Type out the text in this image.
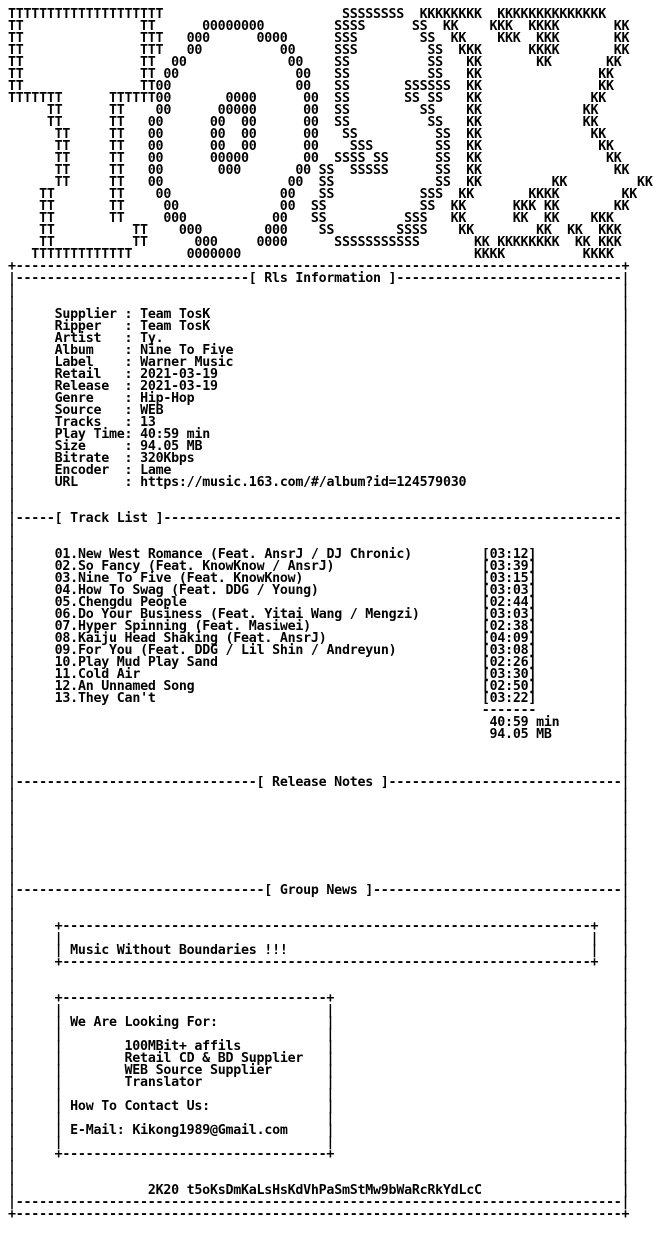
TTTTTTTTTTTTTTTTTTTT                       SSSSSSSS  KKKKKKKK  KKKKKKKKKKKKKK
TT               TT      00000000         SSSS      SS  KK    KKK  KKKK       KK
TT               TTT   000      0000      SSS        SS  KK    KKK  KKK       KK
TT               TTT   00          00     SSS         SS  KKK      KKKK       KK
TT               TT  00             00    SS          SS   KK       KK       KK
TT               TT 00               00   SS          SS   KK               KK
TT               TT00                00   SS       SSSSSS  KK               KK
TTTTTTT      TTTTTT00       0000      00  SS       SS SS   KK              KK
TT      TT    00      00000      00  SS         SS    KK             KK
TT      TT   00      00  00      00  SS          SS   KK             KK
TT     TT   00      00  00      00   SS          SS  KK              KK
TT     TT   00      00  00      00    SSS        SS  KK               KK
TT     TT   00      00000       00  SSSS SS      SS  KK                KK
TT     TT   00       000       00 SS  SSSSS      SS  KK                 KK
TT     TT   00                00  SS             SS  KK         KK         KK
TT       TT    00              00   SS           SSS  KK       KKKK        KK
TT       TT     00             00  SS            SS  KK      KKK KK       KK
TT       TT     000           00   SS          SSS   KK      KK  KK    KKK
TT          TT    000        000    SS        SSSS    KK        KK  KK  KKK
TT          TT      000     0000      SSSSSSSSSSS       KK KKKKKKKK  KK KKK
TTTTTTTTTTTTT       0000000                              KKKK          KKKK
+------------------------------------------------------------------------------+
|------------------------------[ Rls Information ]-----------------------------|
|                                                                              |
|                                                                              |
|	Supplier : Team TosK	|
|	Ripper   : Team TosK	|
|	Artist   : Ty.	|
|	Album    : Nine To Five	|
|	Label    : Warner Music	|
|	Retail   : 2021-03-19	|
|	Release  : 2021-03-19	|
|	Genre    : Hip-Hop	|
|	Source   : WEB	|
|	Tracks   : 13	|
|	Play Time: 40:59 min	|
|	Size     : 94.05 MB	|
|	Bitrate  : 320Kbps	|
|	Encoder  : Lame	|
|	URL      : https://music.163.com/#/album?id=124579030	|
|                                                                              |
|                                                                              |
|-----[ Track List ]-----------------------------------------------------------|
|                                                                              |
|                                                                              |
|	01.New West Romance (Feat. AnsrJ / DJ Chronic)	[03:12]	|
|	02.So Fancy (Feat. KnowKnow / AnsrJ)	[03:39]	|
|	03.Nine To Five (Feat. KnowKnow)	[03:15]	|
|	04.How To Swag (Feat. DDG / Young)	[03:03]	|
|	05.Chengdu People	[02:44]	|
|	06.Do Your Business (Feat. Yitai Wang / Mengzi)	[03:03]	|
|	07.Hyper Spinning (Feat. Masiwei)	[02:38]	|
|	08.Kaiju Head Shaking (Feat. AnsrJ)	[04:09]	|
|	09.For You (Feat. DDG / Lil Shin / Andreyun)	[03:08]	|
|	10.Play Mud Play Sand	[02:26]	|
|	11.Cold Air	[03:30]	|
|	12.An Unnamed Song	[02:50]	|
|	13.They Can't	[03:22]	|
|                                                            -------           |
|	40:59 min	|
|	94.05 MB	|
|                                                                              |
|                                                                              |
|                                                                              |
|-------------------------------[ Release Notes ]------------------------------|
|                                                                              |
|                                                                              |
|                                                                              |
|                                                                              |
|                                                                              |
|                                                                              |
|                                                                              |
|                                                                              |
|--------------------------------[ Group News ]--------------------------------|
|                                                                              |
|                                                                              |
|     +--------------------------------------------------------------------+   |
|     |                                                                    |   |
|     | Music Without Boundaries !!!                                       |   |
|     +--------------------------------------------------------------------+   |
|                                                                              |
|                                                                              |
|     +----------------------------------+                                     |
|     |                                  |                                     |
|     | We Are Looking For:              |                                     |
|     |                                  |                                     |
|     |        100MBit+ affils           |                                     |
|     |        Retail CD & BD Supplier   |                                     |
|     |        WEB Source Supplier       |                                     |
|     |        Translator                |                                     |
|     |                                  |                                     |
|     | How To Contact Us:               |                                     |
|     |                                  |                                     |
|     | E-Mail: Kikong1989@Gmail.com     |                                     |
|     |                                  |                                     |
|     +----------------------------------+                                     |
|                                                                              |
|                                                                              |
|	2K20 t5oKsDmKaLsHsKdVhPaSmStMw9bWaRcRkYdLcC	|
|------------------------------------------------------------------------------|
+------------------------------------------------------------------------------+
